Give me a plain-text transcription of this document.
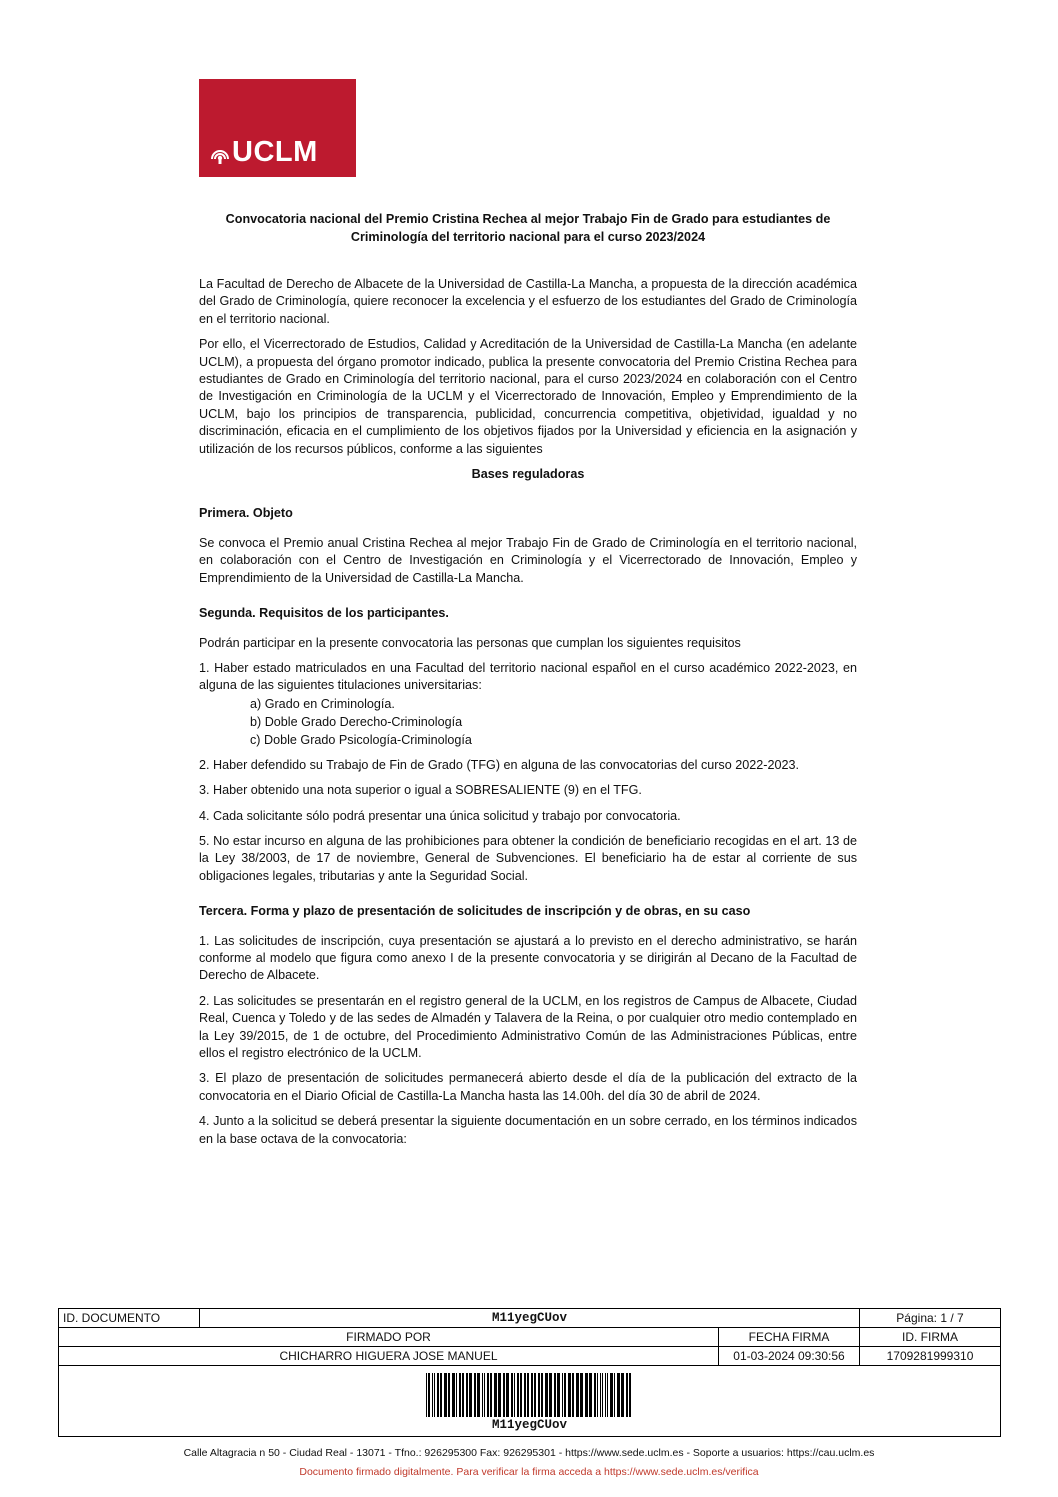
UCLM
Convocatoria nacional del Premio Cristina Rechea al mejor Trabajo Fin de Grado para estudiantes de Criminología del territorio nacional para el curso 2023/2024

La Facultad de Derecho de Albacete de la Universidad de Castilla-La Mancha, a propuesta de la dirección académica del Grado de Criminología, quiere reconocer la excelencia y el esfuerzo de los estudiantes del Grado de Criminología en el territorio nacional.

Por ello, el Vicerrectorado de Estudios, Calidad y Acreditación de la Universidad de Castilla-La Mancha (en adelante UCLM), a propuesta del órgano promotor indicado, publica la presente convocatoria del Premio Cristina Rechea para estudiantes de Grado en Criminología del territorio nacional, para el curso 2023/2024 en colaboración con el Centro de Investigación en Criminología de la UCLM y el Vicerrectorado de Innovación, Empleo y Emprendimiento de la UCLM, bajo los principios de transparencia, publicidad, concurrencia competitiva, objetividad, igualdad y no discriminación, eficacia en el cumplimiento de los objetivos fijados por la Universidad y eficiencia en la asignación y utilización de los recursos públicos, conforme a las siguientes

Bases reguladoras
Primera. Objeto

Se convoca el Premio anual Cristina Rechea al mejor Trabajo Fin de Grado de Criminología en el territorio nacional, en colaboración con el Centro de Investigación en Criminología y el Vicerrectorado de Innovación, Empleo y Emprendimiento de la Universidad de Castilla-La Mancha.

Segunda. Requisitos de los participantes.

Podrán participar en la presente convocatoria las personas que cumplan los siguientes requisitos

1. Haber estado matriculados en una Facultad del territorio nacional español en el curso académico 2022-2023, en alguna de las siguientes titulaciones universitarias:

a) Grado en Criminología.
b) Doble Grado Derecho-Criminología
c) Doble Grado Psicología-Criminología

2. Haber defendido su Trabajo de Fin de Grado (TFG) en alguna de las convocatorias del curso 2022-2023.

3. Haber obtenido una nota superior o igual a SOBRESALIENTE (9) en el TFG.

4. Cada solicitante sólo podrá presentar una única solicitud y trabajo por convocatoria.

5. No estar incurso en alguna de las prohibiciones para obtener la condición de beneficiario recogidas en el art. 13 de la Ley 38/2003, de 17 de noviembre, General de Subvenciones. El beneficiario ha de estar al corriente de sus obligaciones legales, tributarias y ante la Seguridad Social.

Tercera. Forma y plazo de presentación de solicitudes de inscripción y de obras, en su caso

1. Las solicitudes de inscripción, cuya presentación se ajustará a lo previsto en el derecho administrativo, se harán conforme al modelo que figura como anexo I de la presente convocatoria y se dirigirán al Decano de la Facultad de Derecho de Albacete.

2. Las solicitudes se presentarán en el registro general de la UCLM, en los registros de Campus de Albacete, Ciudad Real, Cuenca y Toledo y de las sedes de Almadén y Talavera de la Reina, o por cualquier otro medio contemplado en la Ley 39/2015, de 1 de octubre, del Procedimiento Administrativo Común de las Administraciones Públicas, entre ellos el registro electrónico de la UCLM.

3. El plazo de presentación de solicitudes permanecerá abierto desde el día de la publicación del extracto de la convocatoria en el Diario Oficial de Castilla-La Mancha hasta las 14.00h. del día 30 de abril de 2024.

4. Junto a la solicitud se deberá presentar la siguiente documentación en un sobre cerrado, en los términos indicados en la base octava de la convocatoria:

ID. DOCUMENTO	M11yegCUov		Página: 1 / 7
FIRMADO POR		FECHA FIRMA	ID. FIRMA
CHICHARRO HIGUERA JOSE MANUEL		01-03-2024 09:30:56	1709281999310

M11yegCUov			
Calle Altagracia n 50 - Ciudad Real - 13071 - Tfno.: 926295300 Fax: 926295301 - https://www.sede.uclm.es - Soporte a usuarios: https://cau.uclm.es
Documento firmado digitalmente. Para verificar la firma acceda a https://www.sede.uclm.es/verifica
